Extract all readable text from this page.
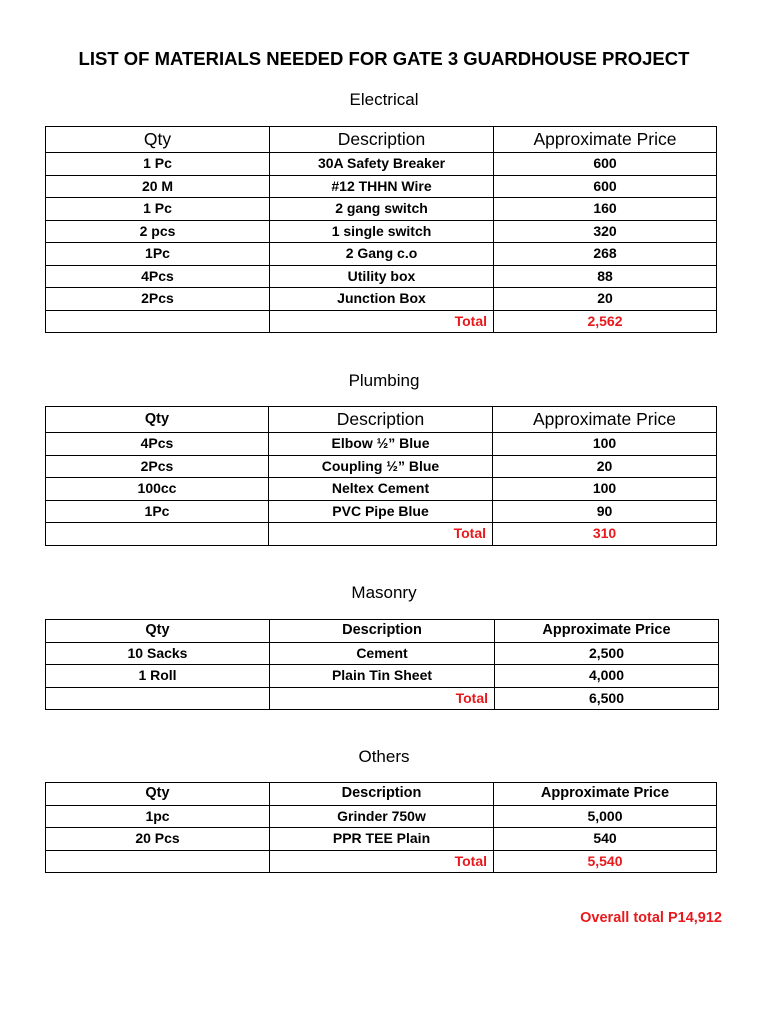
LIST OF MATERIALS NEEDED FOR GATE 3 GUARDHOUSE PROJECT
Electrical
Qty	Description	Approximate Price
1 Pc	30A Safety Breaker	600
20 M	#12 THHN Wire	600
1 Pc	2 gang switch	160
2 pcs	1 single switch	320
1Pc	2 Gang c.o	268
4Pcs	Utility box	88
2Pcs	Junction Box	20
	Total	2,562
Plumbing
Qty	Description	Approximate Price
4Pcs	Elbow ½” Blue	100
2Pcs	Coupling ½” Blue	20
100cc	Neltex Cement	100
1Pc	PVC Pipe Blue	90
	Total	310
Masonry
Qty	Description	Approximate Price
10 Sacks	Cement	2,500
1 Roll	Plain Tin Sheet	4,000
	Total	6,500
Others
Qty	Description	Approximate Price
1pc	Grinder 750w	5,000
20 Pcs	PPR TEE Plain	540
	Total	5,540
Overall total P14,912
